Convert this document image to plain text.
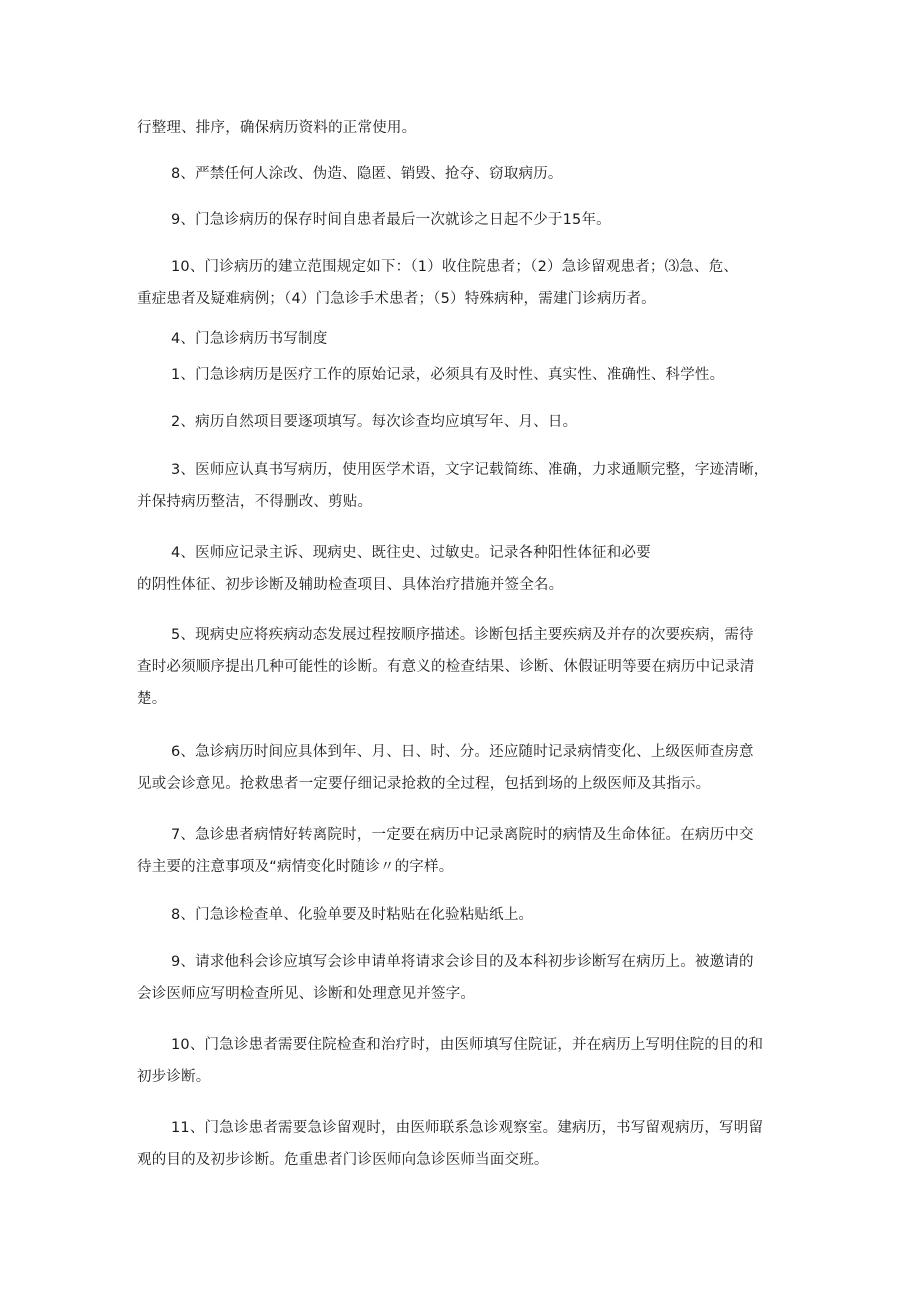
行整理、排序，确保病历资料的正常使用。

8、严禁任何人涂改、伪造、隐匿、销毁、抢夺、窃取病历。

9、门急诊病历的保存时间自患者最后一次就诊之日起不少于15年。

10、门诊病历的建立范围规定如下：（1）收住院患者；（2）急诊留观患者；⑶急、危、
重症患者及疑难病例；（4）门急诊手术患者；（5）特殊病种，需建门诊病历者。

4、门急诊病历书写制度

1、门急诊病历是医疗工作的原始记录，必须具有及时性、真实性、准确性、科学性。

2、病历自然项目要逐项填写。每次诊查均应填写年、月、日。

3、医师应认真书写病历，使用医学术语，文字记载简练、准确，力求通顺完整，字迹清晰，
并保持病历整洁，不得删改、剪贴。

4、医师应记录主诉、现病史、既往史、过敏史。记录各种阳性体征和必要
的阴性体征、初步诊断及辅助检查项目、具体治疗措施并签全名。

5、现病史应将疾病动态发展过程按顺序描述。诊断包括主要疾病及并存的次要疾病，需待
查时必须顺序提出几种可能性的诊断。有意义的检查结果、诊断、休假证明等要在病历中记录清
楚。

6、急诊病历时间应具体到年、月、日、时、分。还应随时记录病情变化、上级医师查房意
见或会诊意见。抢救患者一定要仔细记录抢救的全过程，包括到场的上级医师及其指示。

7、急诊患者病情好转离院时，一定要在病历中记录离院时的病情及生命体征。在病历中交
待主要的注意事项及“病情变化时随诊〃的字样。

8、门急诊检查单、化验单要及时粘贴在化验粘贴纸上。

9、请求他科会诊应填写会诊申请单将请求会诊目的及本科初步诊断写在病历上。被邀请的
会诊医师应写明检查所见、诊断和处理意见并签字。

10、门急诊患者需要住院检查和治疗时，由医师填写住院证，并在病历上写明住院的目的和
初步诊断。

11、门急诊患者需要急诊留观时，由医师联系急诊观察室。建病历，书写留观病历，写明留
观的目的及初步诊断。危重患者门诊医师向急诊医师当面交班。
